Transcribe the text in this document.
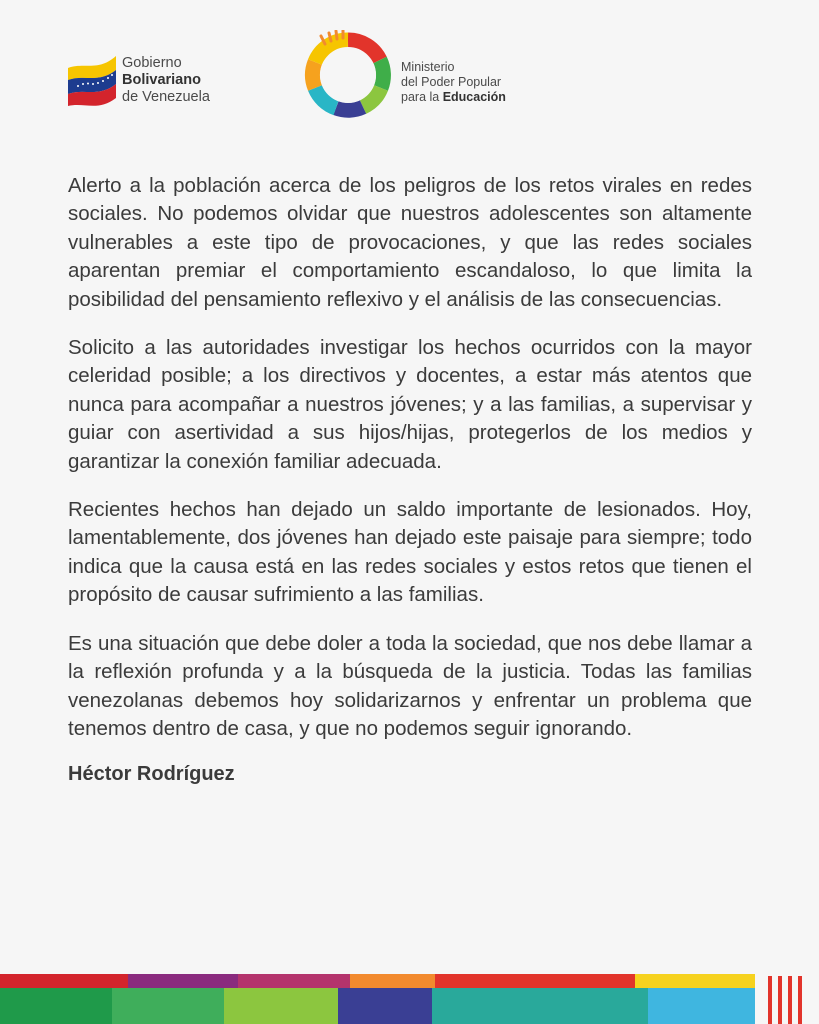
Gobierno
Bolivariano
de Venezuela
Ministerio
del Poder Popular
para la Educación

Alerto a la población acerca de los peligros de los retos virales en redes sociales. No podemos olvidar que nuestros adolescentes son altamente vulnerables a este tipo de provocaciones, y que las redes sociales aparentan premiar el comportamiento escandaloso, lo que limita la posibilidad del pensamiento reflexivo y el análisis de las consecuencias.

Solicito a las autoridades investigar los hechos ocurridos con la mayor celeridad posible; a los directivos y docentes, a estar más atentos que nunca para acompañar a nuestros jóvenes; y a las familias, a supervisar y guiar con asertividad a sus hijos/hijas, protegerlos de los medios y garantizar la conexión familiar adecuada.

Recientes hechos han dejado un saldo importante de lesionados. Hoy, lamentablemente, dos jóvenes han dejado este paisaje para siempre; todo indica que la causa está en las redes sociales y estos retos que tienen el propósito de causar sufrimiento a las familias.

Es una situación que debe doler a toda la sociedad, que nos debe llamar a la reflexión profunda y a la búsqueda de la justicia. Todas las familias venezolanas debemos hoy solidarizarnos y enfrentar un problema que tenemos dentro de casa, y que no podemos seguir ignorando.

Héctor Rodríguez
